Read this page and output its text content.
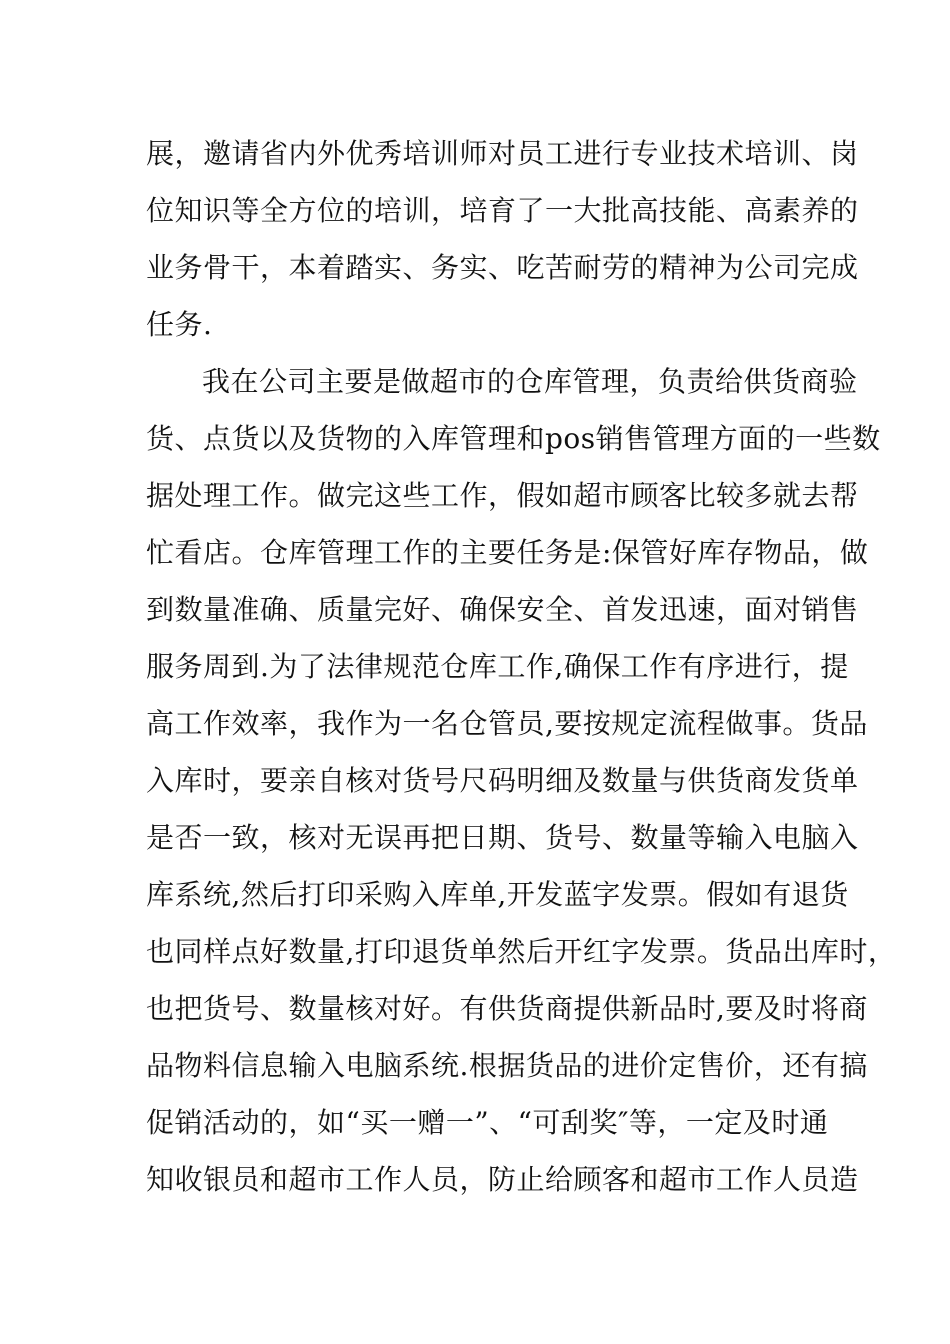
展，邀请省内外优秀培训师对员工进行专业技术培训、岗
位知识等全方位的培训，培育了一大批高技能、高素养的
业务骨干，本着踏实、务实、吃苦耐劳的精神为公司完成
任务.
我在公司主要是做超市的仓库管理，负责给供货商验
货、点货以及货物的入库管理和pos销售管理方面的一些数
据处理工作。做完这些工作，假如超市顾客比较多就去帮
忙看店。仓库管理工作的主要任务是:保管好库存物品，做
到数量准确、质量完好、确保安全、首发迅速，面对销售
服务周到.为了法律规范仓库工作,确保工作有序进行，提
高工作效率，我作为一名仓管员,要按规定流程做事。货品
入库时，要亲自核对货号尺码明细及数量与供货商发货单
是否一致，核对无误再把日期、货号、数量等输入电脑入
库系统,然后打印采购入库单,开发蓝字发票。假如有退货
也同样点好数量,打印退货单然后开红字发票。货品出库时，
也把货号、数量核对好。有供货商提供新品时,要及时将商
品物料信息输入电脑系统.根据货品的进价定售价，还有搞
促销活动的，如“买一赠一”、“可刮奖″等，一定及时通
知收银员和超市工作人员，防止给顾客和超市工作人员造
